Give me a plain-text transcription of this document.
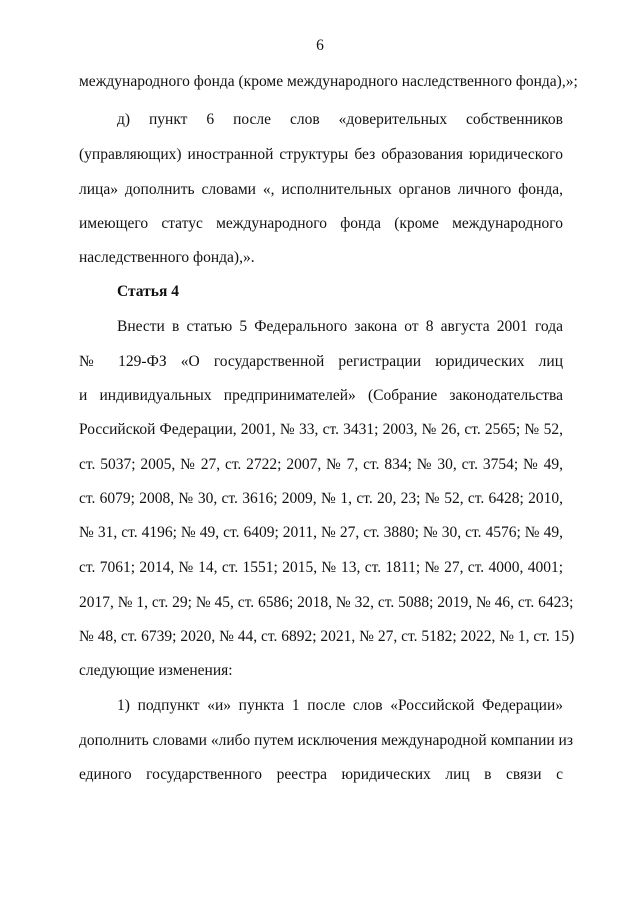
6
международного фонда (кроме международного наследственного фонда),»;
д) пункт 6 после слов «доверительных собственников
(управляющих) иностранной структуры без образования юридического
лица» дополнить словами «, исполнительных органов личного фонда,
имеющего статус международного фонда (кроме международного
наследственного фонда),».
Статья 4
Внести в статью 5 Федерального закона от 8 августа 2001 года
№ 129-ФЗ «О государственной регистрации юридических лиц
и индивидуальных предпринимателей» (Собрание законодательства
Российской Федерации, 2001, № 33, ст. 3431; 2003, № 26, ст. 2565; № 52,
ст. 5037; 2005, № 27, ст. 2722; 2007, № 7, ст. 834; № 30, ст. 3754; № 49,
ст. 6079; 2008, № 30, ст. 3616; 2009, № 1, ст. 20, 23; № 52, ст. 6428; 2010,
№ 31, ст. 4196; № 49, ст. 6409; 2011, № 27, ст. 3880; № 30, ст. 4576; № 49,
ст. 7061; 2014, № 14, ст. 1551; 2015, № 13, ст. 1811; № 27, ст. 4000, 4001;
2017, № 1, ст. 29; № 45, ст. 6586; 2018, № 32, ст. 5088; 2019, № 46, ст. 6423;
№ 48, ст. 6739; 2020, № 44, ст. 6892; 2021, № 27, ст. 5182; 2022, № 1, ст. 15)
следующие изменения:
1) подпункт «и» пункта 1 после слов «Российской Федерации»
дополнить словами «либо путем исключения международной компании из
единого государственного реестра юридических лиц в связи с
